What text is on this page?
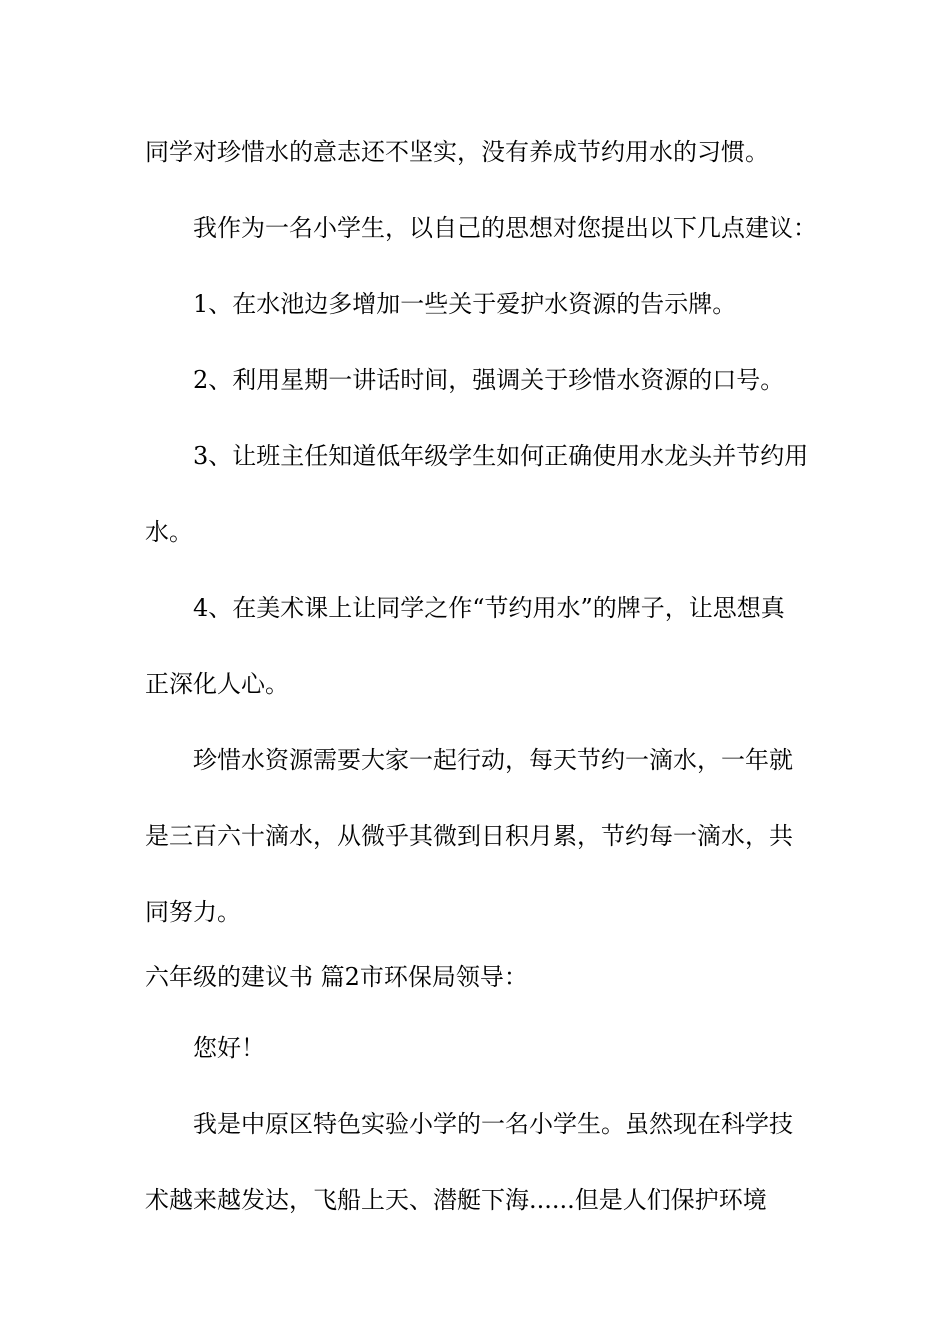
同学对珍惜水的意志还不坚实，没有养成节约用水的习惯。
我作为一名小学生，以自己的思想对您提出以下几点建议：
1、在水池边多增加一些关于爱护水资源的告示牌。
2、利用星期一讲话时间，强调关于珍惜水资源的口号。
3、让班主任知道低年级学生如何正确使用水龙头并节约用
水。
4、在美术课上让同学之作“节约用水”的牌子，让思想真
正深化人心。
珍惜水资源需要大家一起行动，每天节约一滴水，一年就
是三百六十滴水，从微乎其微到日积月累，节约每一滴水，共
同努力。
六年级的建议书 篇2市环保局领导：
您好！
我是中原区特色实验小学的一名小学生。虽然现在科学技
术越来越发达，飞船上天、潜艇下海......但是人们保护环境
